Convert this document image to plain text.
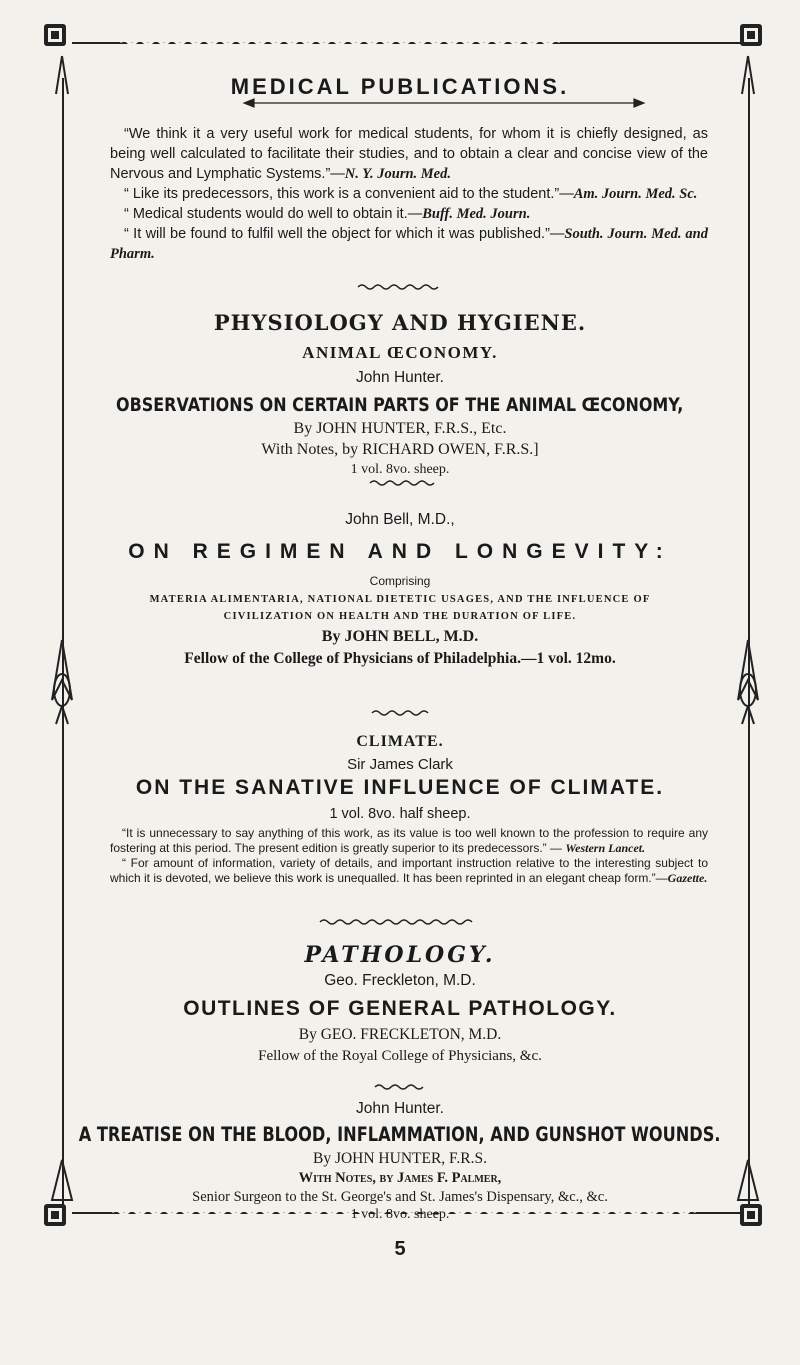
MEDICAL PUBLICATIONS.

“We think it a very useful work for medical students, for whom it is chiefly designed, as being well calculated to facilitate their studies, and to obtain a clear and concise view of the Nervous and Lymphatic Systems.”—N. Y. Journ. Med.

“ Like its predecessors, this work is a convenient aid to the student.”—Am. Journ. Med. Sc.

“ Medical students would do well to obtain it.—Buff. Med. Journ.

“ It will be found to fulfil well the object for which it was published.”—South. Journ. Med. and Pharm.

PHYSIOLOGY AND HYGIENE.
ANIMAL ŒCONOMY.
John Hunter.
OBSERVATIONS ON CERTAIN PARTS OF THE ANIMAL ŒCONOMY,
By JOHN HUNTER, F.R.S., Etc.
With Notes, by RICHARD OWEN, F.R.S.]
1 vol. 8vo. sheep.
John Bell, M.D.,
ON REGIMEN AND LONGEVITY:
Comprising
MATERIA ALIMENTARIA, NATIONAL DIETETIC USAGES, AND THE INFLUENCE OF
CIVILIZATION ON HEALTH AND THE DURATION OF LIFE.
By JOHN BELL, M.D.
Fellow of the College of Physicians of Philadelphia.—1 vol. 12mo.
CLIMATE.
Sir James Clark
ON THE SANATIVE INFLUENCE OF CLIMATE.
1 vol. 8vo. half sheep.

“It is unnecessary to say anything of this work, as its value is too well known to the profession to require any fostering at this period. The present edition is greatly superior to its predecessors.” — Western Lancet.

“ For amount of information, variety of details, and important instruction relative to the interesting subject to which it is devoted, we believe this work is unequalled. It has been reprinted in an elegant cheap form.”—Gazette.

PATHOLOGY.
Geo. Freckleton, M.D.
OUTLINES OF GENERAL PATHOLOGY.
By GEO. FRECKLETON, M.D.
Fellow of the Royal College of Physicians, &c.
John Hunter.
A TREATISE ON THE BLOOD, INFLAMMATION, AND GUNSHOT WOUNDS.
By JOHN HUNTER, F.R.S.
With Notes, by James F. Palmer,
Senior Surgeon to the St. George's and St. James's Dispensary, &c., &c.
1 vol. 8vo. sheep.
5
